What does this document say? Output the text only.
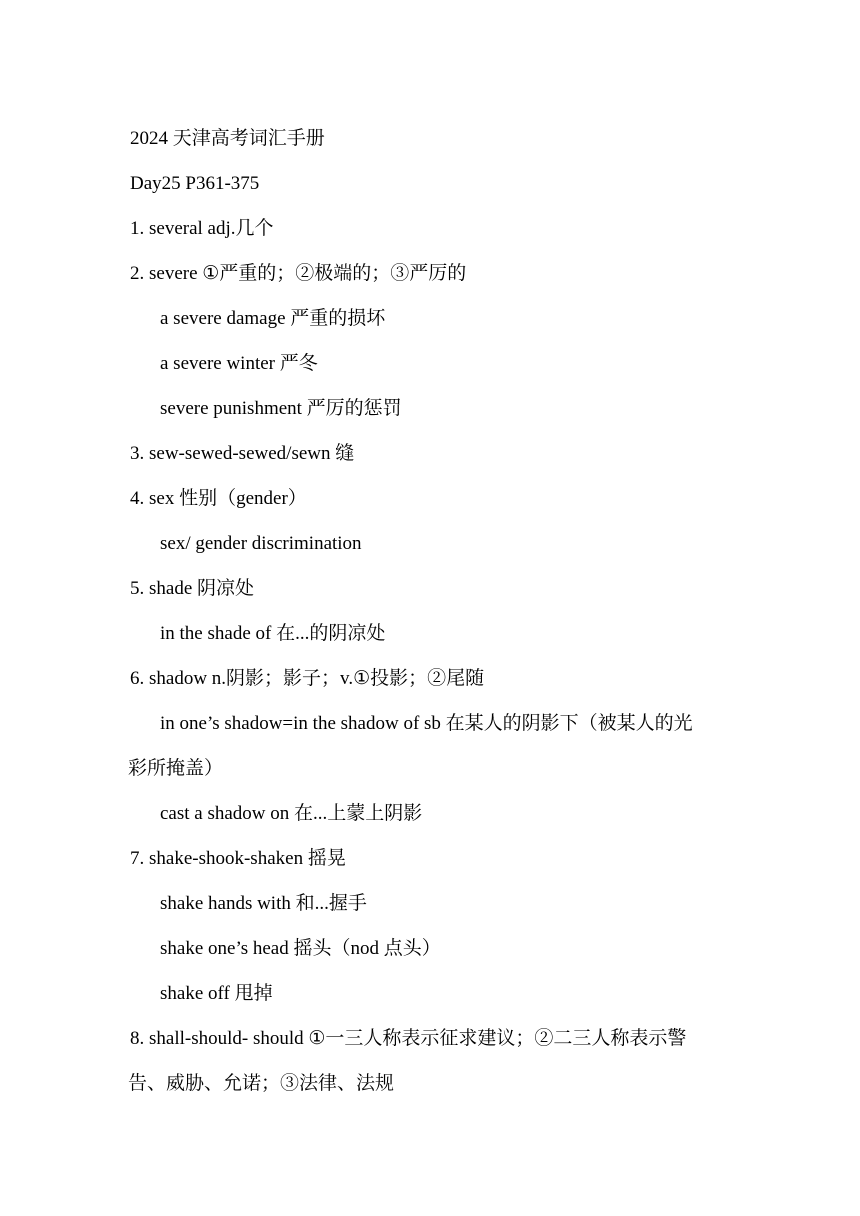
2024 天津高考词汇手册
Day25 P361-375
1. several adj.几个
2. severe ①严重的；②极端的；③严厉的
a severe damage 严重的损坏
a severe winter 严冬
severe punishment 严厉的惩罚
3. sew-sewed-sewed/sewn 缝
4. sex 性别（gender）
sex/ gender discrimination
5. shade 阴凉处
in the shade of 在...的阴凉处
6. shadow n.阴影；影子；v.①投影；②尾随
in one’s shadow=in the shadow of sb 在某人的阴影下（被某人的光
彩所掩盖）
cast a shadow on 在...上蒙上阴影
7. shake-shook-shaken 摇晃
shake hands with 和...握手
shake one’s head 摇头（nod 点头）
shake off 甩掉
8. shall-should- should ①一三人称表示征求建议；②二三人称表示警
告、威胁、允诺；③法律、法规
